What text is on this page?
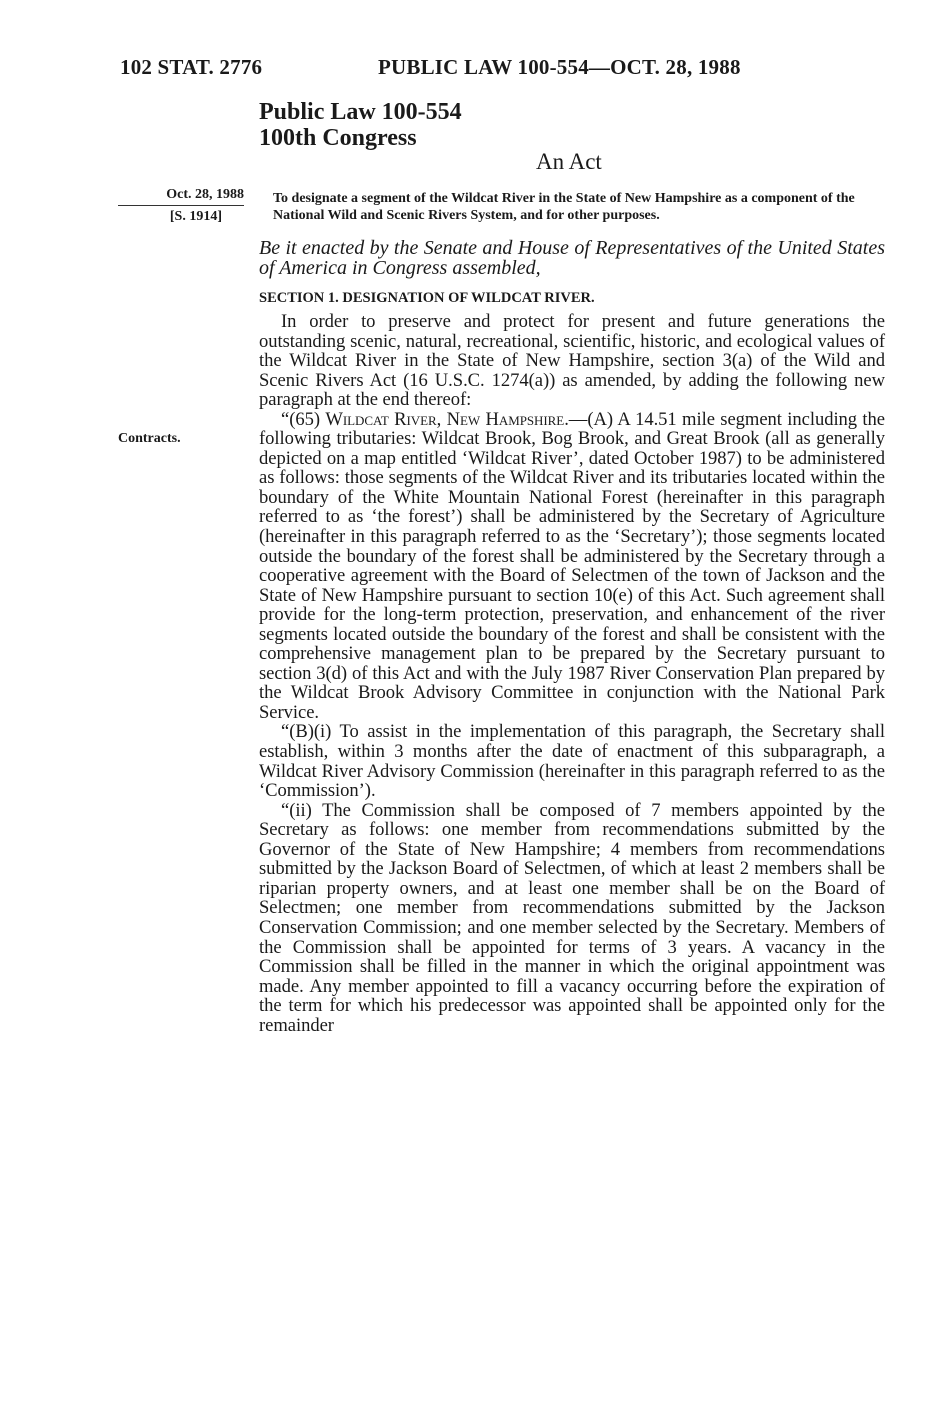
102 STAT. 2776	PUBLIC LAW 100-554—OCT. 28, 1988
Public Law 100-554
100th Congress
An Act
Oct. 28, 1988
[S. 1914]
To designate a segment of the Wildcat River in the State of New Hampshire as a component of the National Wild and Scenic Rivers System, and for other purposes.
Be it enacted by the Senate and House of Representatives of the United States of America in Congress assembled,
SECTION 1. DESIGNATION OF WILDCAT RIVER.
Contracts.

In order to preserve and protect for present and future generations the outstanding scenic, natural, recreational, scientific, historic, and ecological values of the Wildcat River in the State of New Hampshire, section 3(a) of the Wild and Scenic Rivers Act (16 U.S.C. 1274(a)) as amended, by adding the following new paragraph at the end thereof:

“(65) Wildcat River, New Hampshire.—(A) A 14.51 mile segment including the following tributaries: Wildcat Brook, Bog Brook, and Great Brook (all as generally depicted on a map entitled ‘Wildcat River’, dated October 1987) to be administered as follows: those segments of the Wildcat River and its tributaries located within the boundary of the White Mountain National Forest (hereinafter in this paragraph referred to as ‘the forest’) shall be administered by the Secretary of Agriculture (hereinafter in this paragraph referred to as the ‘Secretary’); those segments located outside the boundary of the forest shall be administered by the Secretary through a cooperative agreement with the Board of Selectmen of the town of Jackson and the State of New Hampshire pursuant to section 10(e) of this Act. Such agreement shall provide for the long-term protection, preservation, and enhancement of the river segments located outside the boundary of the forest and shall be consistent with the comprehensive management plan to be prepared by the Secretary pursuant to section 3(d) of this Act and with the July 1987 River Conservation Plan prepared by the Wildcat Brook Advisory Committee in conjunction with the National Park Service.

“(B)(i) To assist in the implementation of this paragraph, the Secretary shall establish, within 3 months after the date of enactment of this subparagraph, a Wildcat River Advisory Commission (hereinafter in this paragraph referred to as the ‘Commission’).

“(ii) The Commission shall be composed of 7 members appointed by the Secretary as follows: one member from recommendations submitted by the Governor of the State of New Hampshire; 4 members from recommendations submitted by the Jackson Board of Selectmen, of which at least 2 members shall be riparian property owners, and at least one member shall be on the Board of Selectmen; one member from recommendations submitted by the Jackson Conservation Commission; and one member selected by the Secretary. Members of the Commission shall be appointed for terms of 3 years. A vacancy in the Commission shall be filled in the manner in which the original appointment was made. Any member appointed to fill a vacancy occurring before the expiration of the term for which his predecessor was appointed shall be appointed only for the remainder
